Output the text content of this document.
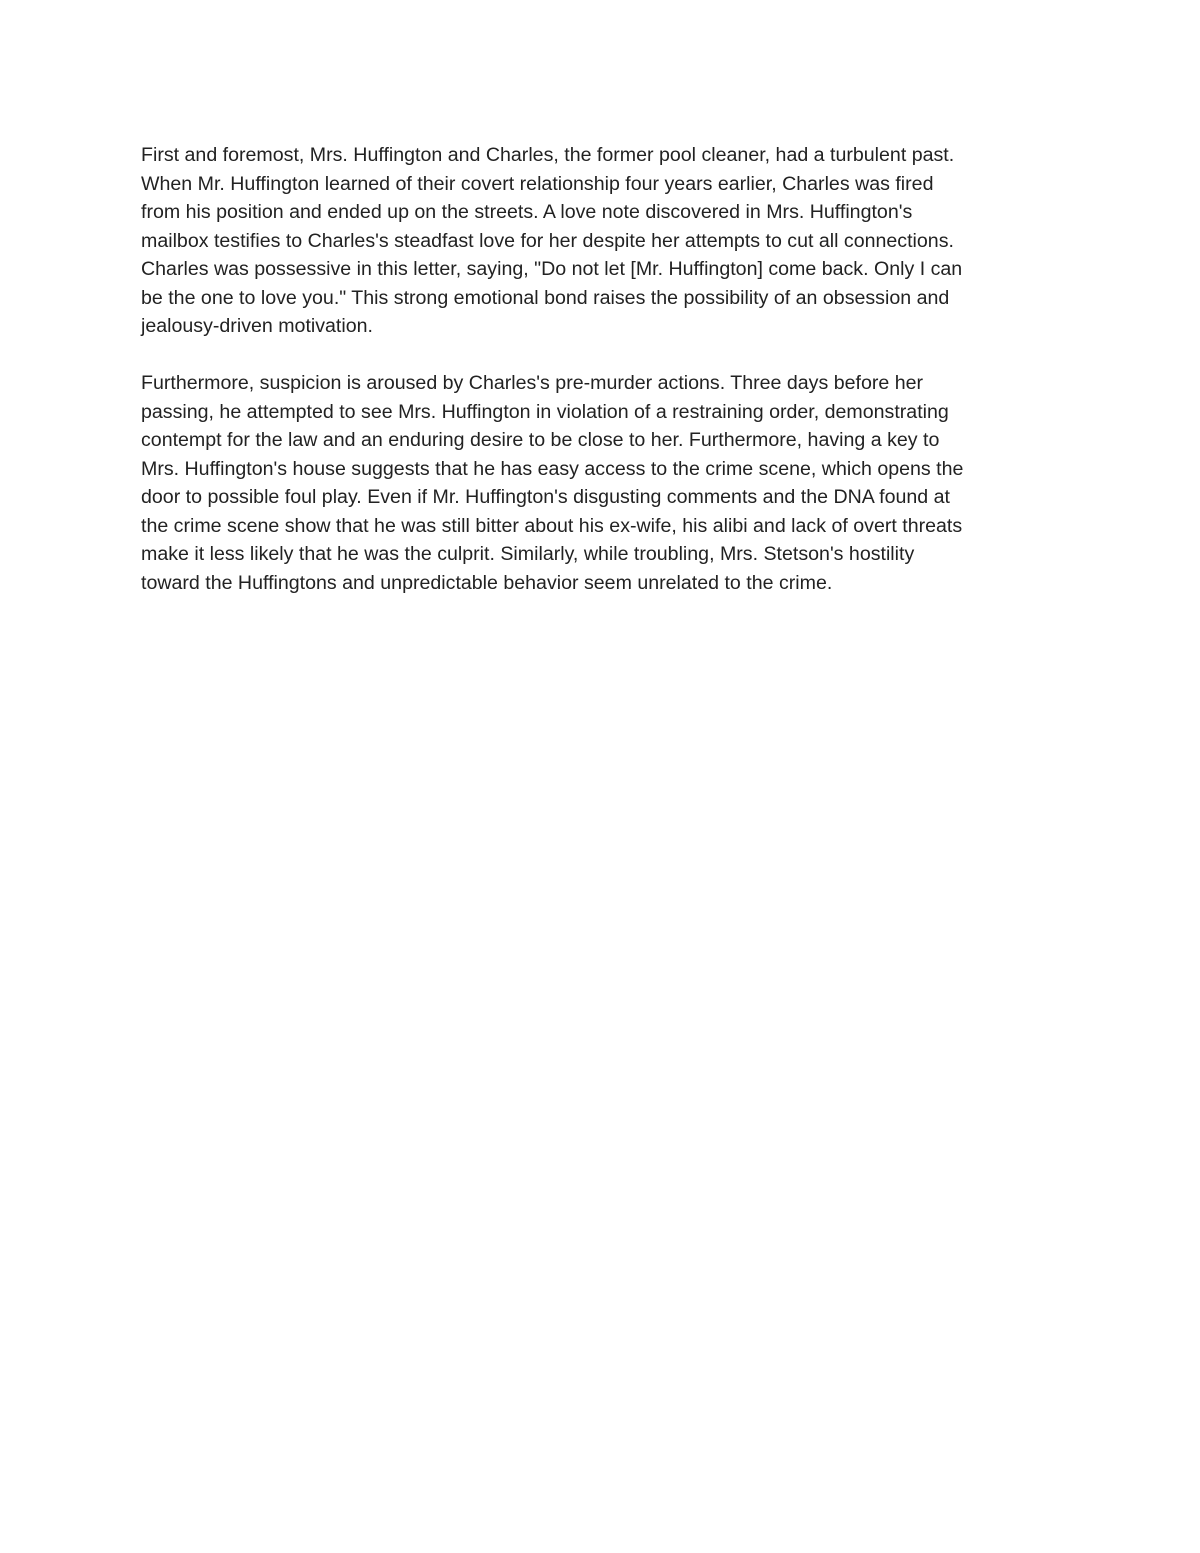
First and foremost, Mrs. Huffington and Charles, the former pool cleaner, had a turbulent past.
When Mr. Huffington learned of their covert relationship four years earlier, Charles was fired
from his position and ended up on the streets. A love note discovered in Mrs. Huffington's
mailbox testifies to Charles's steadfast love for her despite her attempts to cut all connections.
Charles was possessive in this letter, saying, "Do not let [Mr. Huffington] come back. Only I can
be the one to love you." This strong emotional bond raises the possibility of an obsession and
jealousy-driven motivation.

Furthermore, suspicion is aroused by Charles's pre-murder actions. Three days before her
passing, he attempted to see Mrs. Huffington in violation of a restraining order, demonstrating
contempt for the law and an enduring desire to be close to her. Furthermore, having a key to
Mrs. Huffington's house suggests that he has easy access to the crime scene, which opens the
door to possible foul play. Even if Mr. Huffington's disgusting comments and the DNA found at
the crime scene show that he was still bitter about his ex-wife, his alibi and lack of overt threats
make it less likely that he was the culprit. Similarly, while troubling, Mrs. Stetson's hostility
toward the Huffingtons and unpredictable behavior seem unrelated to the crime.
